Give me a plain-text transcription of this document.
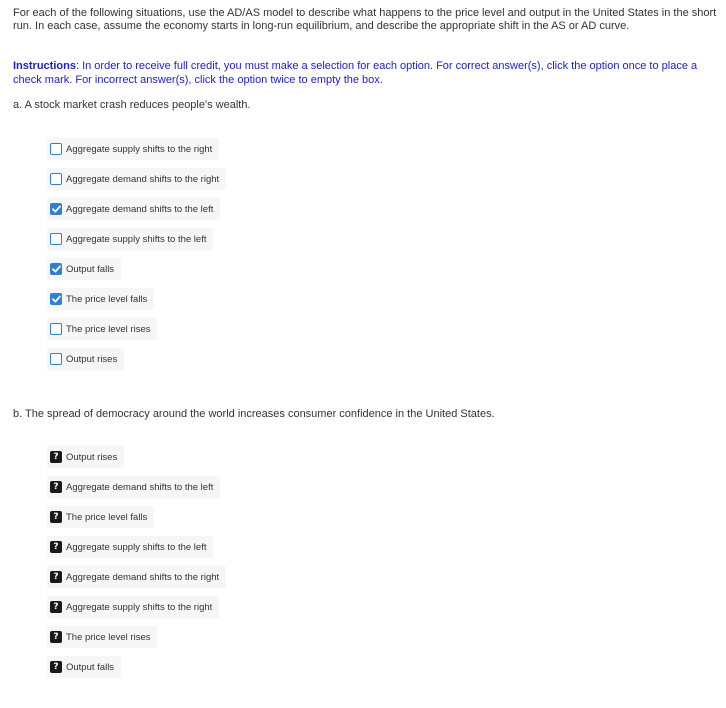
For each of the following situations, use the AD/AS model to describe what happens to the price level and output in the United States in the short run. In each case, assume the economy starts in long-run equilibrium, and describe the appropriate shift in the AS or AD curve.
Instructions: In order to receive full credit, you must make a selection for each option. For correct answer(s), click the option once to place a check mark. For incorrect answer(s), click the option twice to empty the box.
a. A stock market crash reduces people's wealth.
Aggregate supply shifts to the right
Aggregate demand shifts to the right
Aggregate demand shifts to the left
Aggregate supply shifts to the left
Output falls
The price level falls
The price level rises
Output rises
b. The spread of democracy around the world increases consumer confidence in the United States.
? Output rises
? Aggregate demand shifts to the left
? The price level falls
? Aggregate supply shifts to the left
? Aggregate demand shifts to the right
? Aggregate supply shifts to the right
? The price level rises
? Output falls
